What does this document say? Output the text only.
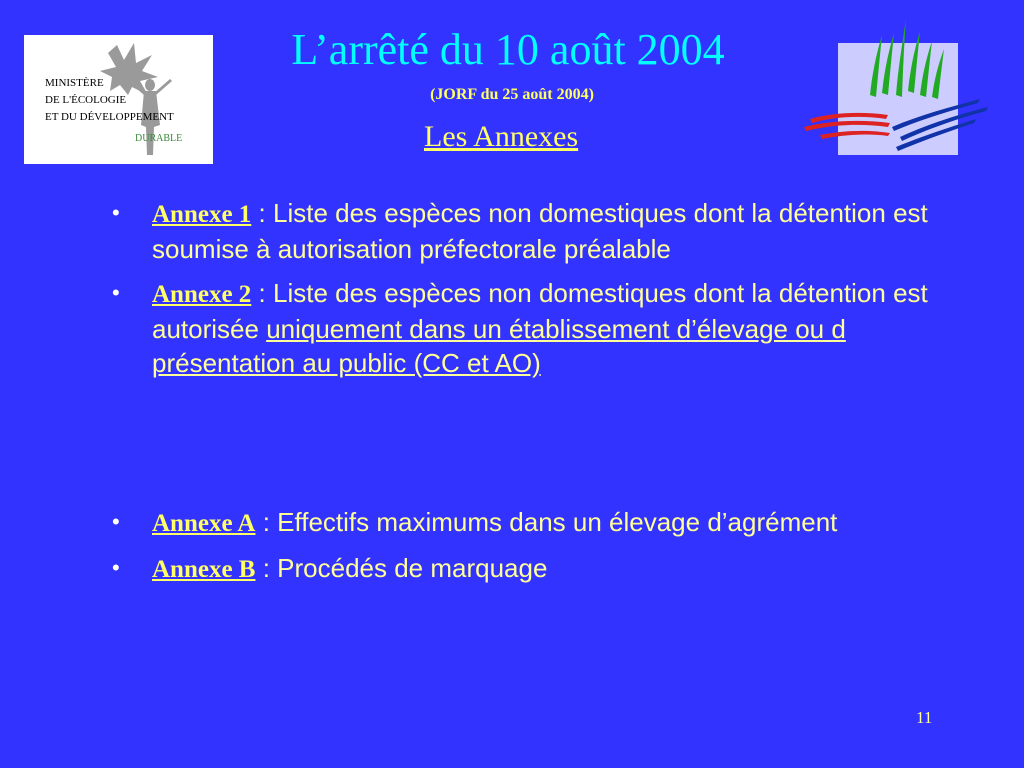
MINISTÈRE
DE L'ÉCOLOGIE
ET DU DÉVELOPPEMENT
DURABLE
L’arrêté du 10 août 2004
(JORF du 25 août 2004)
Les Annexes
• Annexe 1 : Liste des espèces non domestiques dont la détention est soumise à autorisation préfectorale préalable
• Annexe 2 : Liste des espèces non domestiques dont la détention est autorisée uniquement dans un établissement d’élevage ou d présentation au public (CC et AO)
• Annexe A : Effectifs maximums dans un élevage d’agrément
• Annexe B : Procédés de marquage
11
